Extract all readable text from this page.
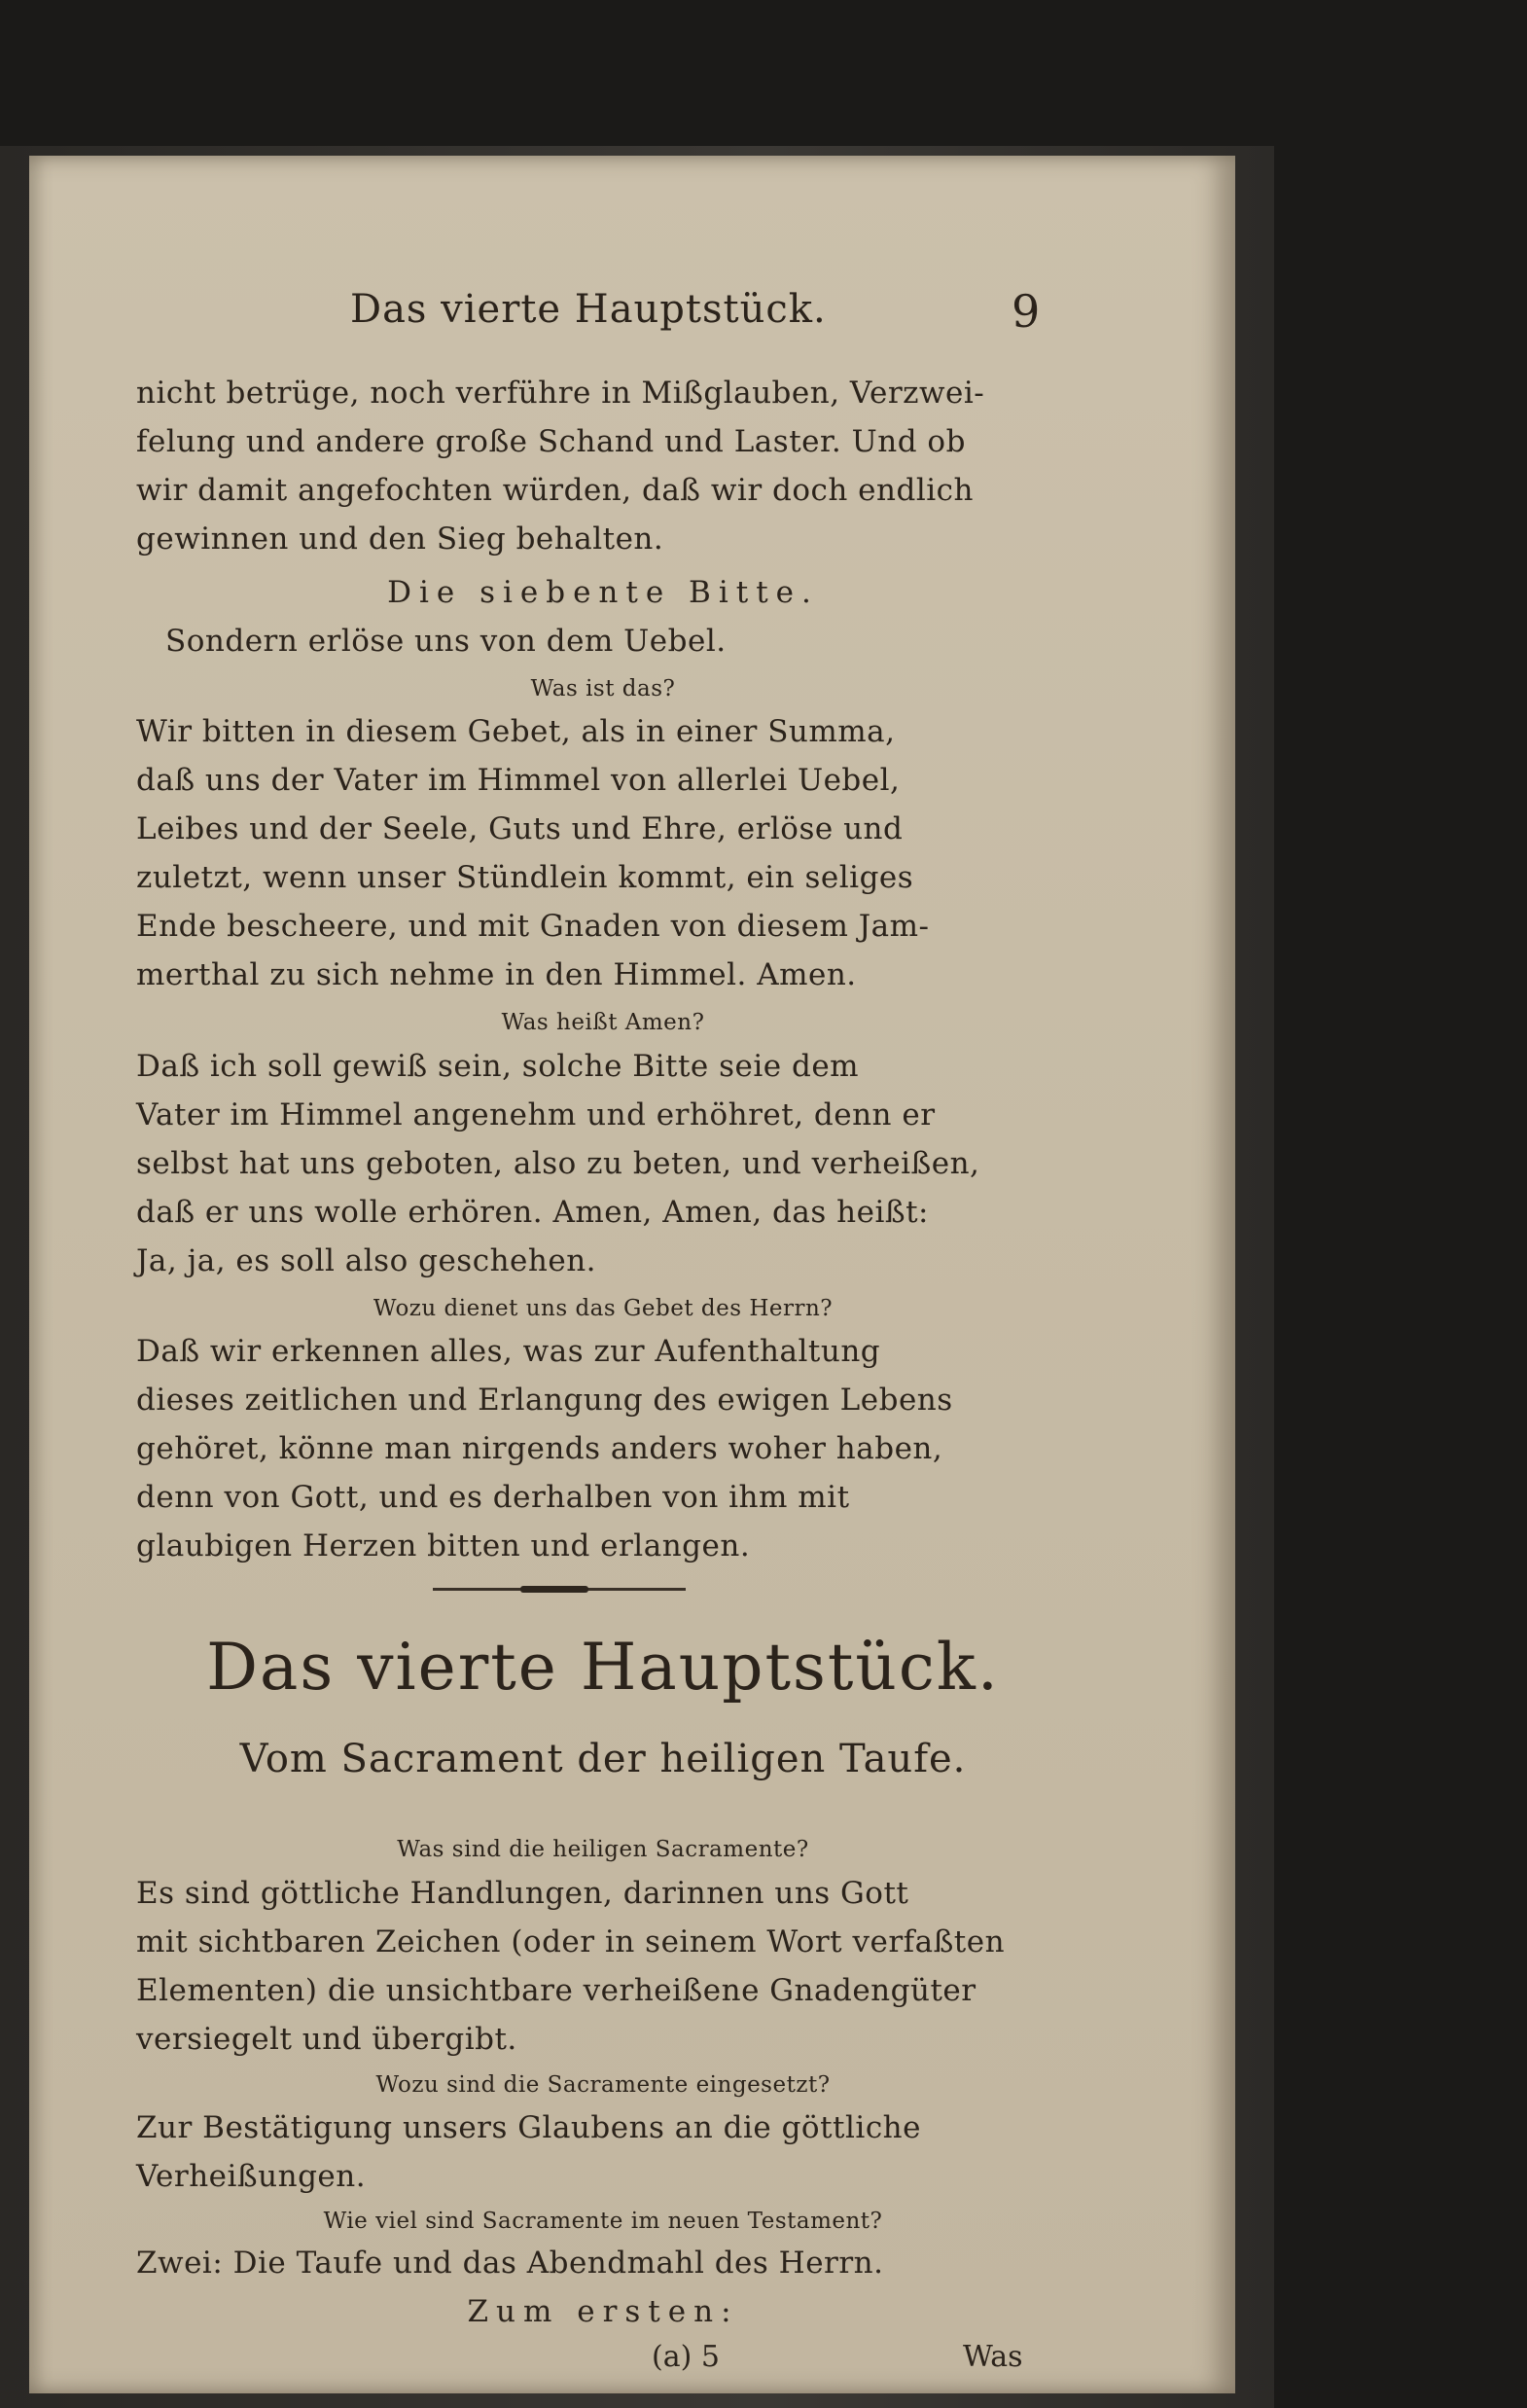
Das vierte Hauptstück.	9
nicht betrüge, noch verführe in Mißglauben, Verzwei-
felung und andere große Schand und Laster. Und ob
wir damit angefochten würden, daß wir doch endlich
gewinnen und den Sieg behalten.
Die siebente Bitte.
Sondern erlöse uns von dem Uebel.
Was ist das?
Wir bitten in diesem Gebet, als in einer Summa,
daß uns der Vater im Himmel von allerlei Uebel,
Leibes und der Seele, Guts und Ehre, erlöse und
zuletzt, wenn unser Stündlein kommt, ein seliges
Ende bescheere, und mit Gnaden von diesem Jam-
merthal zu sich nehme in den Himmel. Amen.
Was heißt Amen?
Daß ich soll gewiß sein, solche Bitte seie dem
Vater im Himmel angenehm und erhöhret, denn er
selbst hat uns geboten, also zu beten, und verheißen,
daß er uns wolle erhören. Amen, Amen, das heißt:
Ja, ja, es soll also geschehen.
Wozu dienet uns das Gebet des Herrn?
Daß wir erkennen alles, was zur Aufenthaltung
dieses zeitlichen und Erlangung des ewigen Lebens
gehöret, könne man nirgends anders woher haben,
denn von Gott, und es derhalben von ihm mit
glaubigen Herzen bitten und erlangen.
Das vierte Hauptstück.
Vom Sacrament der heiligen Taufe.
Was sind die heiligen Sacramente?
Es sind göttliche Handlungen, darinnen uns Gott
mit sichtbaren Zeichen (oder in seinem Wort verfaßten
Elementen) die unsichtbare verheißene Gnadengüter
versiegelt und übergibt.
Wozu sind die Sacramente eingesetzt?
Zur Bestätigung unsers Glaubens an die göttliche
Verheißungen.
Wie viel sind Sacramente im neuen Testament?
Zwei: Die Taufe und das Abendmahl des Herrn.
Zum ersten:
(a) 5	Was
